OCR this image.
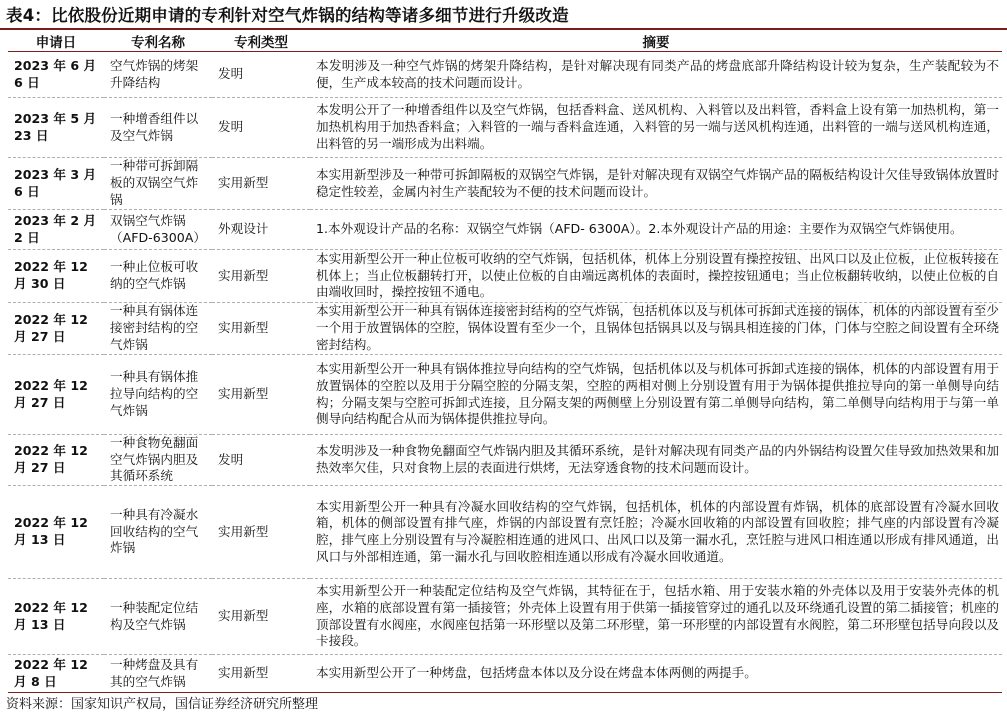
表4：比依股份近期申请的专利针对空气炸锅的结构等诸多细节进行升级改造
申请日	专利名称	专利类型	摘要
2023 年 6 月 6 日	空气炸锅的烤架升降结构	发明	本发明涉及一种空气炸锅的烤架升降结构，是针对解决现有同类产品的烤盘底部升降结构设计较为复杂，生产装配较为不便，生产成本较高的技术问题而设计。
2023 年 5 月 23 日	一种增香组件以及空气炸锅	发明	本发明公开了一种增香组件以及空气炸锅，包括香料盒、送风机构、入料管以及出料管，香料盒上设有第一加热机构，第一加热机构用于加热香料盒；入料管的一端与香料盒连通，入料管的另一端与送风机构连通，出料管的一端与送风机构连通，出料管的另一端形成为出料端。
2023 年 3 月 6 日	一种带可拆卸隔板的双锅空气炸锅	实用新型	本实用新型涉及一种带可拆卸隔板的双锅空气炸锅，是针对解决现有双锅空气炸锅产品的隔板结构设计欠佳导致锅体放置时稳定性较差，金属内衬生产装配较为不便的技术问题而设计。
2023 年 2 月 2 日	双锅空气炸锅（AFD-6300A）	外观设计	1.本外观设计产品的名称：双锅空气炸锅（AFD- 6300A）。2.本外观设计产品的用途：主要作为双锅空气炸锅使用。
2022 年 12 月 30 日	一种止位板可收纳的空气炸锅	实用新型	本实用新型公开一种止位板可收纳的空气炸锅，包括机体，机体上分别设置有操控按钮、出风口以及止位板，止位板转接在机体上；当止位板翻转打开，以使止位板的自由端远离机体的表面时，操控按钮通电；当止位板翻转收纳，以使止位板的自由端收回时，操控按钮不通电。
2022 年 12 月 27 日	一种具有锅体连接密封结构的空气炸锅	实用新型	本实用新型公开一种具有锅体连接密封结构的空气炸锅，包括机体以及与机体可拆卸式连接的锅体，机体的内部设置有至少一个用于放置锅体的空腔，锅体设置有至少一个，且锅体包括锅具以及与锅具相连接的门体，门体与空腔之间设置有全环绕密封结构。
2022 年 12 月 27 日	一种具有锅体推拉导向结构的空气炸锅	实用新型	本实用新型公开一种具有锅体推拉导向结构的空气炸锅，包括机体以及与机体可拆卸式连接的锅体，机体的内部设置有用于放置锅体的空腔以及用于分隔空腔的分隔支架，空腔的两相对侧上分别设置有用于为锅体提供推拉导向的第一单侧导向结构；分隔支架与空腔可拆卸式连接，且分隔支架的两侧壁上分别设置有第二单侧导向结构，第二单侧导向结构用于与第一单侧导向结构配合从而为锅体提供推拉导向。
2022 年 12 月 27 日	一种食物免翻面空气炸锅内胆及其循环系统	发明	本发明涉及一种食物免翻面空气炸锅内胆及其循环系统，是针对解决现有同类产品的内外锅结构设置欠佳导致加热效果和加热效率欠佳，只对食物上层的表面进行烘烤，无法穿透食物的技术问题而设计。
2022 年 12 月 13 日	一种具有冷凝水回收结构的空气炸锅	实用新型	本实用新型公开一种具有冷凝水回收结构的空气炸锅，包括机体，机体的内部设置有炸锅，机体的底部设置有冷凝水回收箱，机体的侧部设置有排气座，炸锅的内部设置有烹饪腔；冷凝水回收箱的内部设置有回收腔；排气座的内部设置有冷凝腔，排气座上分别设置有与冷凝腔相连通的进风口、出风口以及第一漏水孔，烹饪腔与进风口相连通以形成有排风通道，出风口与外部相连通，第一漏水孔与回收腔相连通以形成有冷凝水回收通道。
2022 年 12 月 13 日	一种装配定位结构及空气炸锅	实用新型	本实用新型公开一种装配定位结构及空气炸锅，其特征在于，包括水箱、用于安装水箱的外壳体以及用于安装外壳体的机座，水箱的底部设置有第一插接管；外壳体上设置有用于供第一插接管穿过的通孔以及环绕通孔设置的第二插接管；机座的顶部设置有水阀座，水阀座包括第一环形壁以及第二环形壁，第一环形壁的内部设置有水阀腔，第二环形壁包括导向段以及卡接段。
2022 年 12 月 8 日	一种烤盘及具有其的空气炸锅	实用新型	本实用新型公开了一种烤盘，包括烤盘本体以及分设在烤盘本体两侧的两提手。
资料来源：国家知识产权局，国信证券经济研究所整理
